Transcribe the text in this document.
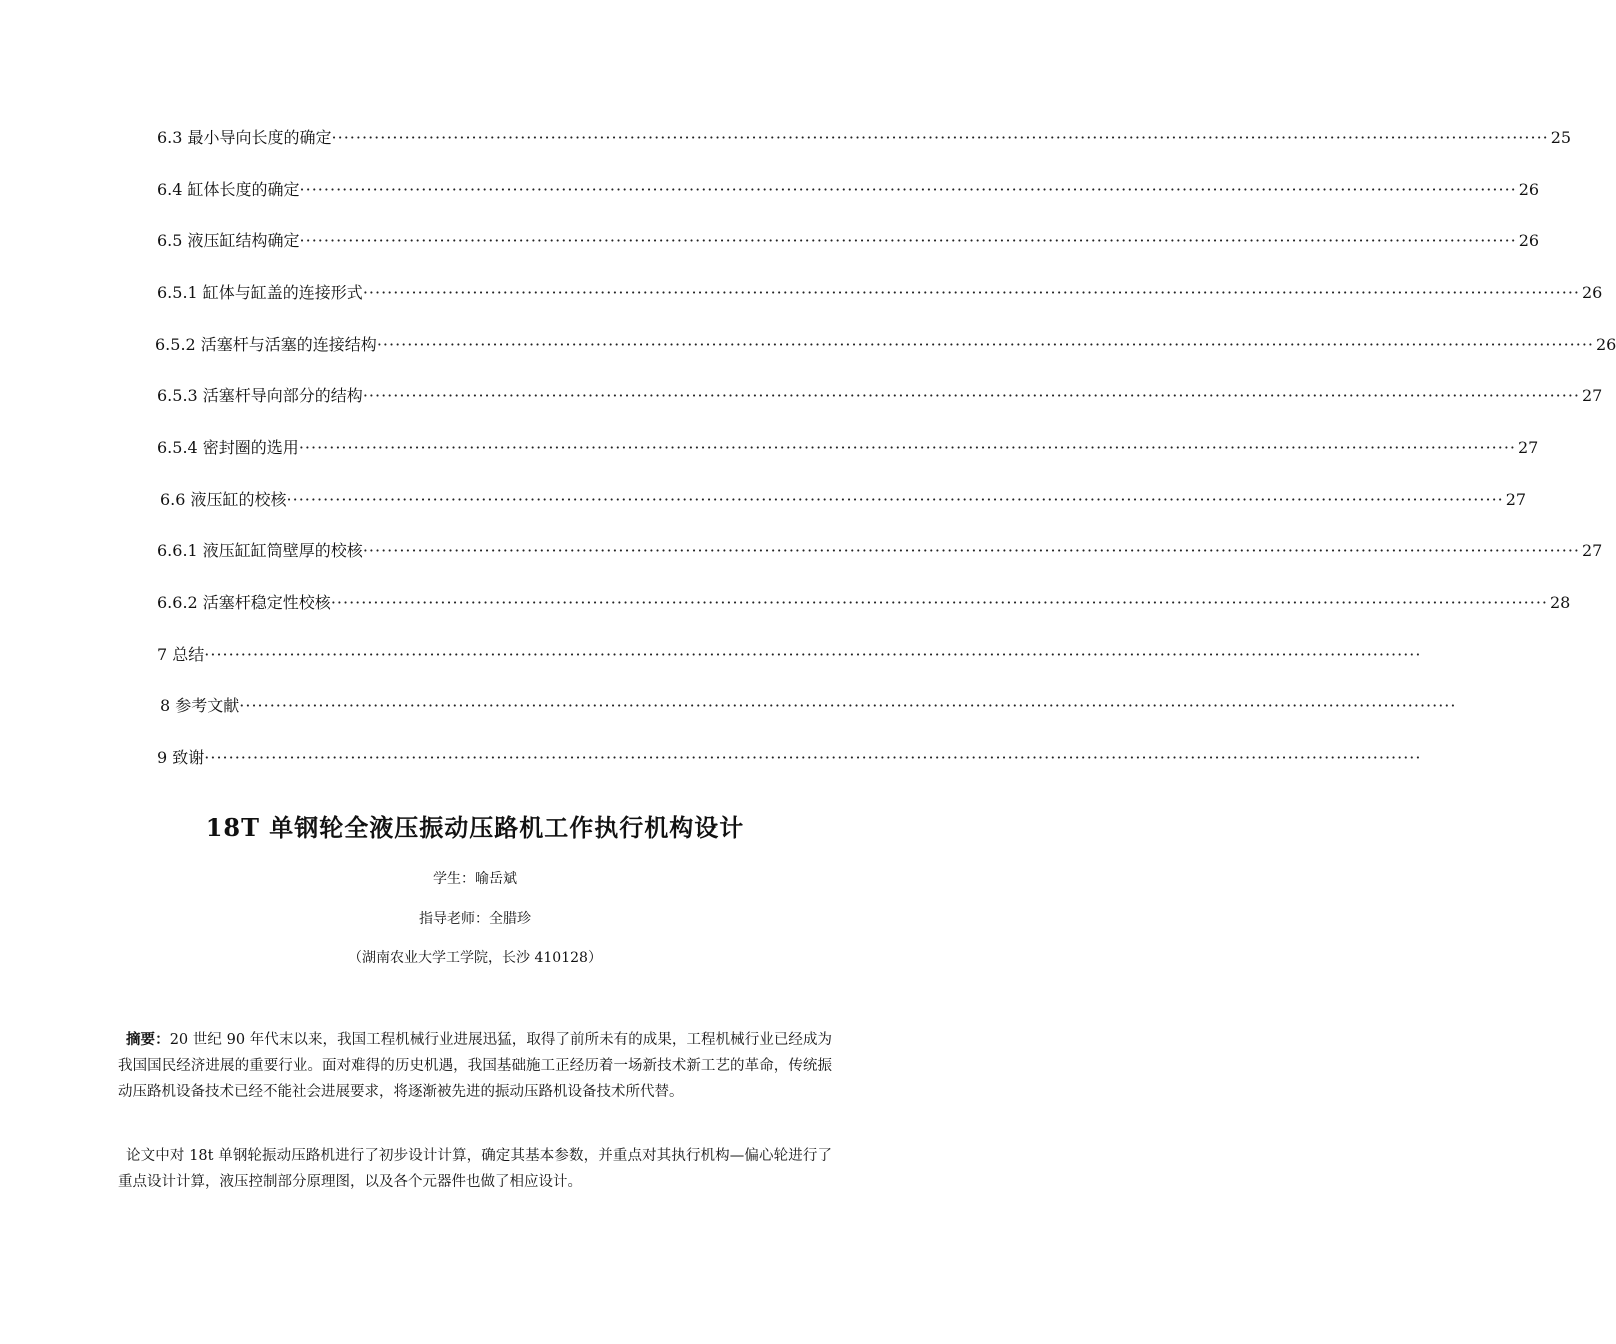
6.3 最小导向长度的确定 ········································································································································································································ 25
6.4 缸体长度的确定 ········································································································································································································ 26
6.5 液压缸结构确定 ········································································································································································································ 26
6.5.1 缸体与缸盖的连接形式 ········································································································································································································ 26
6.5.2 活塞杆与活塞的连接结构 ········································································································································································································ 26
6.5.3 活塞杆导向部分的结构 ········································································································································································································ 27
6.5.4 密封圈的选用 ········································································································································································································ 27
6.6 液压缸的校核 ········································································································································································································ 27
6.6.1 液压缸缸筒壁厚的校核 ········································································································································································································ 27
6.6.2 活塞杆稳定性校核 ········································································································································································································ 28
7 总结 ········································································································································································································
8 参考文献 ········································································································································································································
9 致谢 ········································································································································································································
18T 单钢轮全液压振动压路机工作执行机构设计
学生：喻岳斌
指导老师：全腊珍
（湖南农业大学工学院，长沙 410128）
摘要：20 世纪 90 年代末以来，我国工程机械行业进展迅猛，取得了前所未有的成果，工程机械行业已经成为我国国民经济进展的重要行业。面对难得的历史机遇，我国基础施工正经历着一场新技术新工艺的革命，传统振动压路机设备技术已经不能社会进展要求，将逐渐被先进的振动压路机设备技术所代替。
论文中对 18t 单钢轮振动压路机进行了初步设计计算，确定其基本参数，并重点对其执行机构—偏心轮进行了重点设计计算，液压控制部分原理图，以及各个元器件也做了相应设计。
